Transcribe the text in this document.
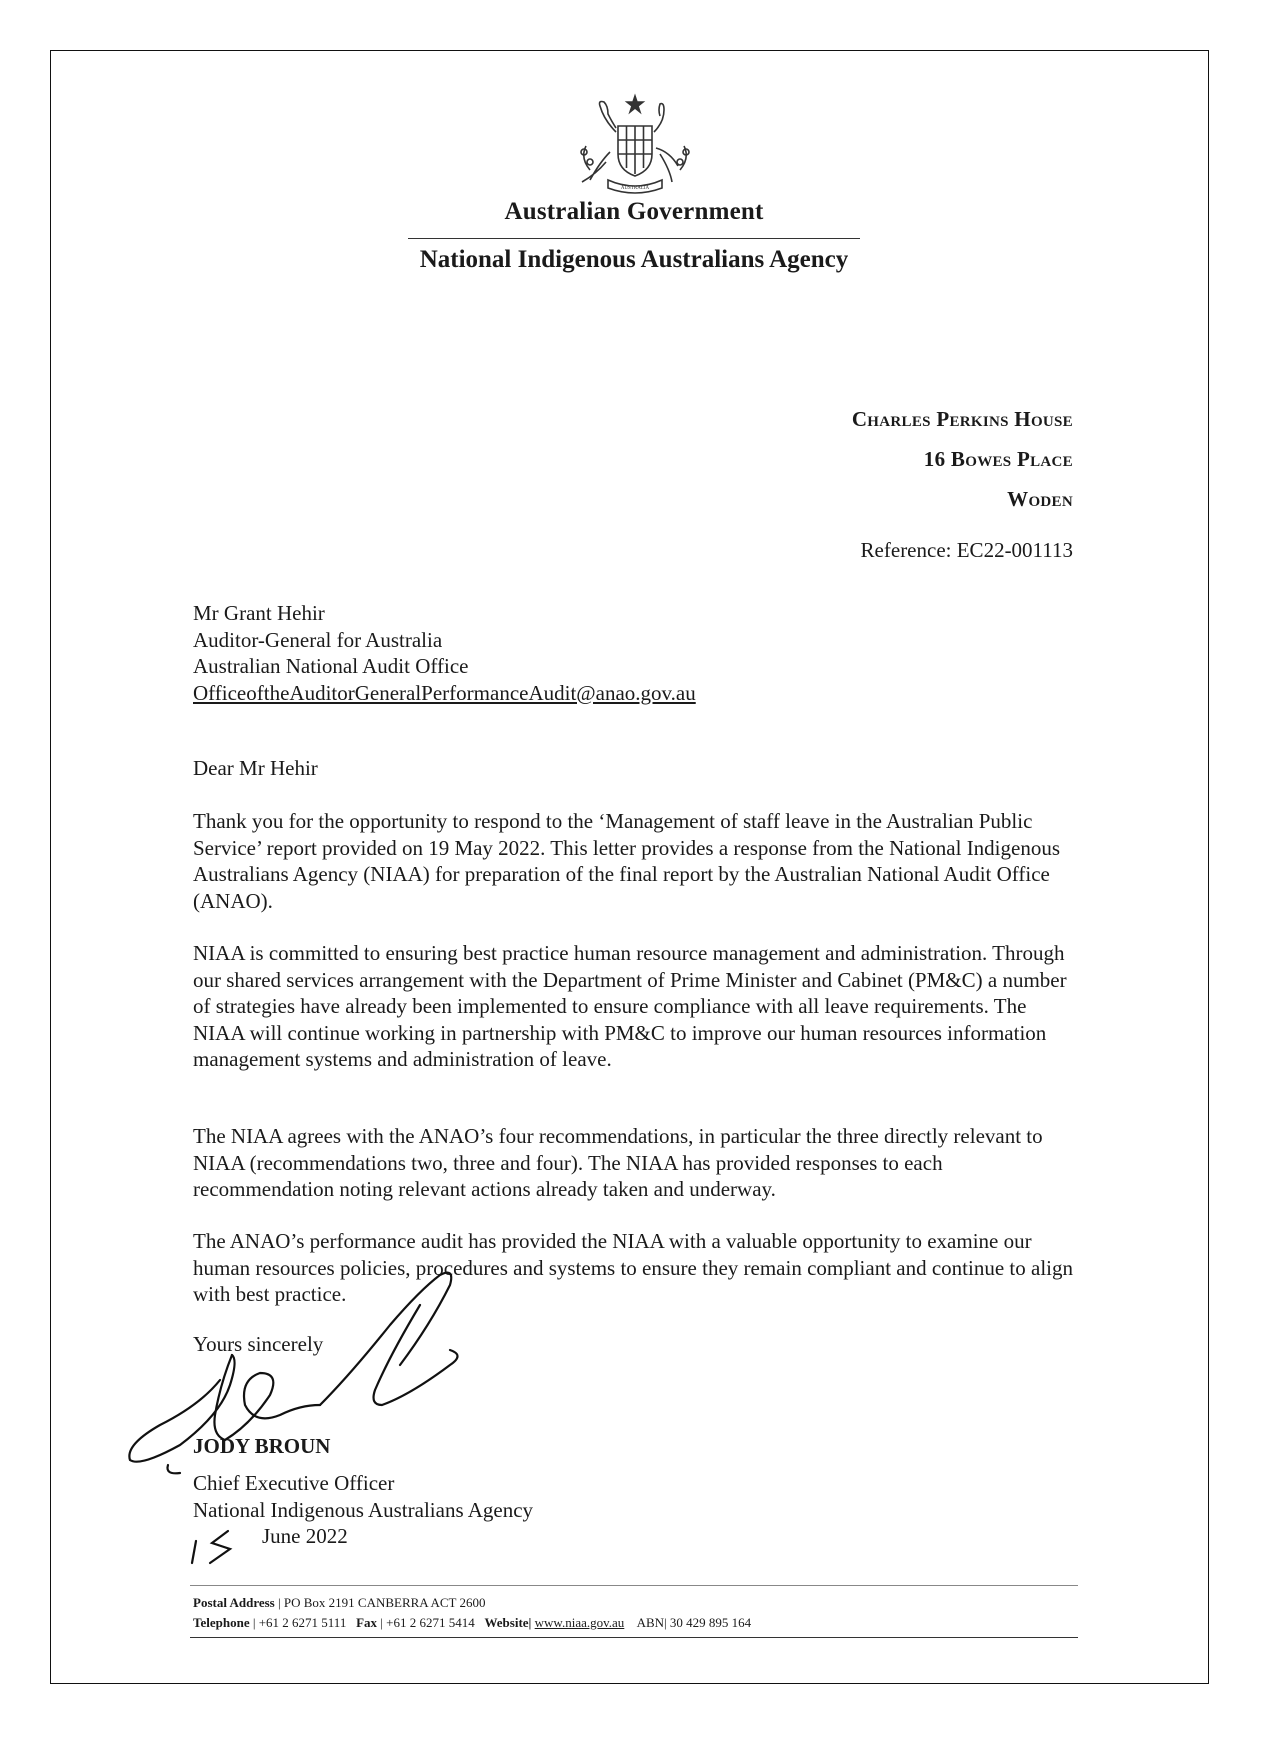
AUSTRALIA
Australian Government
National Indigenous Australians Agency
Charles Perkins House
16 Bowes Place
Woden
Reference: EC22-001113
Mr Grant Hehir
Auditor-General for Australia
Australian National Audit Office
OfficeoftheAuditorGeneralPerformanceAudit@anao.gov.au
Dear Mr Hehir
Thank you for the opportunity to respond to the ‘Management of staff leave in the Australian Public Service’ report provided on 19 May 2022. This letter provides a response from the National Indigenous Australians Agency (NIAA) for preparation of the final report by the Australian National Audit Office (ANAO).
NIAA is committed to ensuring best practice human resource management and administration. Through our shared services arrangement with the Department of Prime Minister and Cabinet (PM&C) a number of strategies have already been implemented to ensure compliance with all leave requirements. The NIAA will continue working in partnership with PM&C to improve our human resources information management systems and administration of leave.
The NIAA agrees with the ANAO’s four recommendations, in particular the three directly relevant to NIAA (recommendations two, three and four). The NIAA has provided responses to each recommendation noting relevant actions already taken and underway.
The ANAO’s performance audit has provided the NIAA with a valuable opportunity to examine our human resources policies, procedures and systems to ensure they remain compliant and continue to align with best practice.
Yours sincerely
JODY BROUN
Chief Executive Officer
National Indigenous Australians Agency
June 2022
Postal Address | PO Box 2191 CANBERRA ACT 2600
Telephone | +61 2 6271 5111 Fax | +61 2 6271 5414 Website| www.niaa.gov.au ABN| 30 429 895 164
